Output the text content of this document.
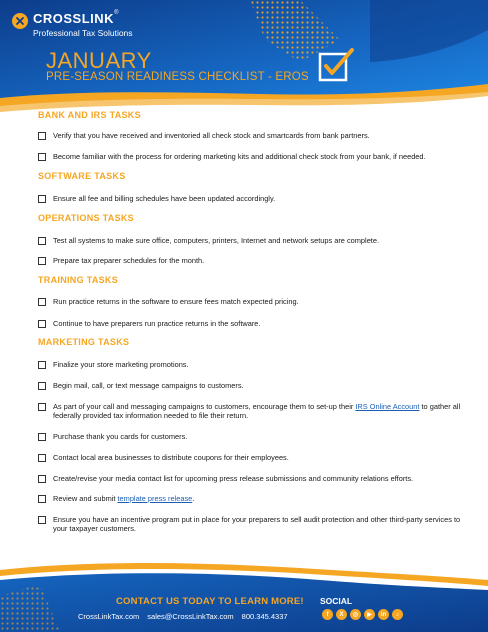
CROSSLINK®
Professional Tax Solutions
JANUARY
PRE-SEASON READINESS CHECKLIST - EROS
BANK AND IRS TASKS
Verify that you have received and inventoried all check stock and smartcards from bank partners.
Become familiar with the process for ordering marketing kits and additional check stock from your bank, if needed.
SOFTWARE TASKS
Ensure all fee and billing schedules have been updated accordingly.
OPERATIONS TASKS
Test all systems to make sure office, computers, printers, Internet and network setups are complete.
Prepare tax preparer schedules for the month.
TRAINING TASKS
Run practice returns in the software to ensure fees match expected pricing.
Continue to have preparers run practice returns in the software.
MARKETING TASKS
Finalize your store marketing promotions.
Begin mail, call, or text message campaigns to customers.
As part of your call and messaging campaigns to customers, encourage them to set-up their IRS Online Account to gather all federally provided tax information needed to file their return.
Purchase thank you cards for customers.
Contact local area businesses to distribute coupons for their employees.
Create/revise your media contact list for upcoming press release submissions and community relations efforts.
Review and submit template press release.
Ensure you have an incentive program put in place for your preparers to sell audit protection and other third-party services to your taxpayer customers.
CONTACT US TODAY TO LEARN MORE!
CrossLinkTax.com sales@CrossLinkTax.com 800.345.4337
SOCIAL
f	X	◎	▶	in	♪
